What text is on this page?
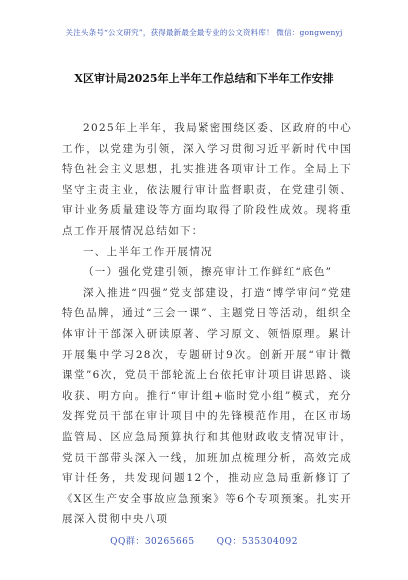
关注头条号“公文研究”，获得最新最全最专业的公文资料库！ 微信：gongwenyj
X区审计局2025年上半年工作总结和下半年工作安排

2025年上半年，我局紧密围绕区委、区政府的中心工作，以党建为引领，深入学习贯彻习近平新时代中国特色社会主义思想，扎实推进各项审计工作。全局上下坚守主责主业，依法履行审计监督职责，在党建引领、审计业务质量建设等方面均取得了阶段性成效。现将重点工作开展情况总结如下：

一、上半年工作开展情况

（一）强化党建引领，擦亮审计工作鲜红“底色”

深入推进“四强”党支部建设，打造“博学审问”党建特色品牌，通过“三会一课”、主题党日等活动，组织全体审计干部深入研读原著、学习原文、领悟原理。累计开展集中学习28次，专题研讨9次。创新开展“审计微课堂”6次，党员干部轮流上台依托审计项目讲思路、谈收获、明方向。推行“审计组+临时党小组”模式，充分发挥党员干部在审计项目中的先锋模范作用，在区市场监管局、区应急局预算执行和其他财政收支情况审计，党员干部带头深入一线，加班加点梳理分析，高效完成审计任务，共发现问题12个，推动应急局重新修订了《X区生产安全事故应急预案》等6个专项预案。扎实开展深入贯彻中央八项

QQ群：30265665 QQ：535304092
